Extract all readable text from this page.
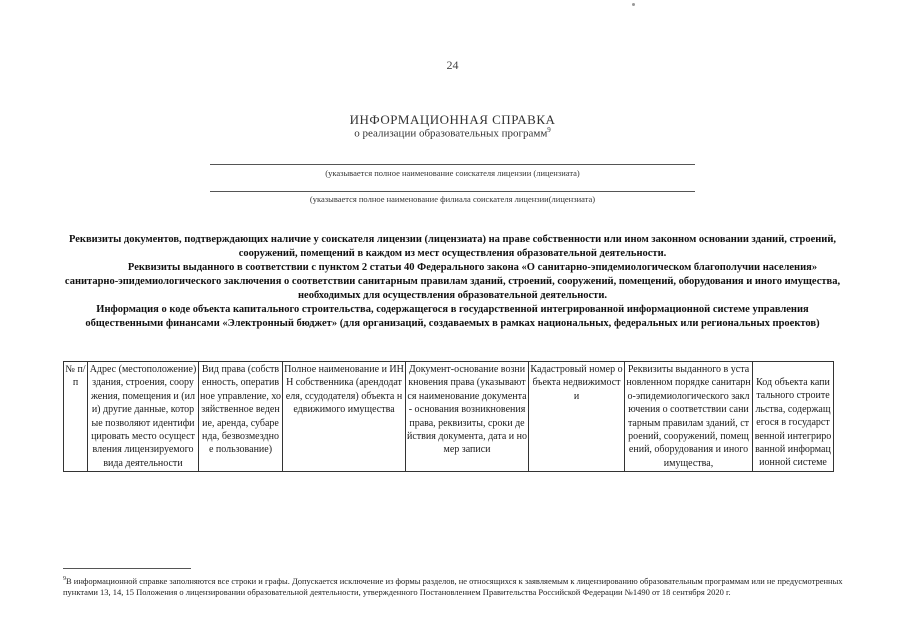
24
ИНФОРМАЦИОННАЯ СПРАВКА
о реализации образовательных программ$^9$
(указывается полное наименование соискателя лицензии (лицензиата)
(указывается полное наименование филиала соискателя лицензии(лицензиата)

Реквизиты документов, подтверждающих наличие у соискателя лицензии (лицензиата) на праве собственности или ином законном основании зданий, строений, сооружений, помещений в каждом из мест осуществления образовательной деятельности.

Реквизиты выданного в соответствии с пунктом 2 статьи 40 Федерального закона «О санитарно-эпидемиологическом благополучии населения» санитарно-эпидемиологического заключения о соответствии санитарным правилам зданий, строений, сооружений, помещений, оборудования и иного имущества, необходимых для осуществления образовательной деятельности.

Информация о коде объекта капитального строительства, содержащегося в государственной интегрированной информационной системе управления общественными финансами «Электронный бюджет» (для организаций, создаваемых в рамках национальных, федеральных или региональных проектов)

№ п/п	Адрес (местоположение) здания, строения, сооружения, помещения и (или) другие данные, которые позволяют идентифицировать место осуществления лицензируемого вида деятельности	Вид права (собственность, оперативное управление, хозяйственное ведение, аренда, субаренда, безвозмездное пользование)	Полное наименование и ИНН собственника (арендодателя, ссудодателя) объекта недвижимого имущества	Документ-основание возникновения права (указываются наименование документа - основания возникновения права, реквизиты, сроки действия документа, дата и номер записи	Кадастровый номер объекта недвижимости	Реквизиты выданного в установленном порядке санитарно-эпидемиологического заключения о соответствии санитарным правилам зданий, строений, сооружений, помещений, оборудования и иного имущества,	Код объекта капитального строительства, содержащегося в государственной интегрированной информационной системе
$^9$В информационной справке заполняются все строки и графы. Допускается исключение из формы разделов, не относящихся к заявляемым к лицензированию образовательным программам или не предусмотренных пунктами 13, 14, 15 Положения о лицензировании образовательной деятельности, утвержденного Постановлением Правительства Российской Федерации №1490 от 18 сентября 2020 г.
